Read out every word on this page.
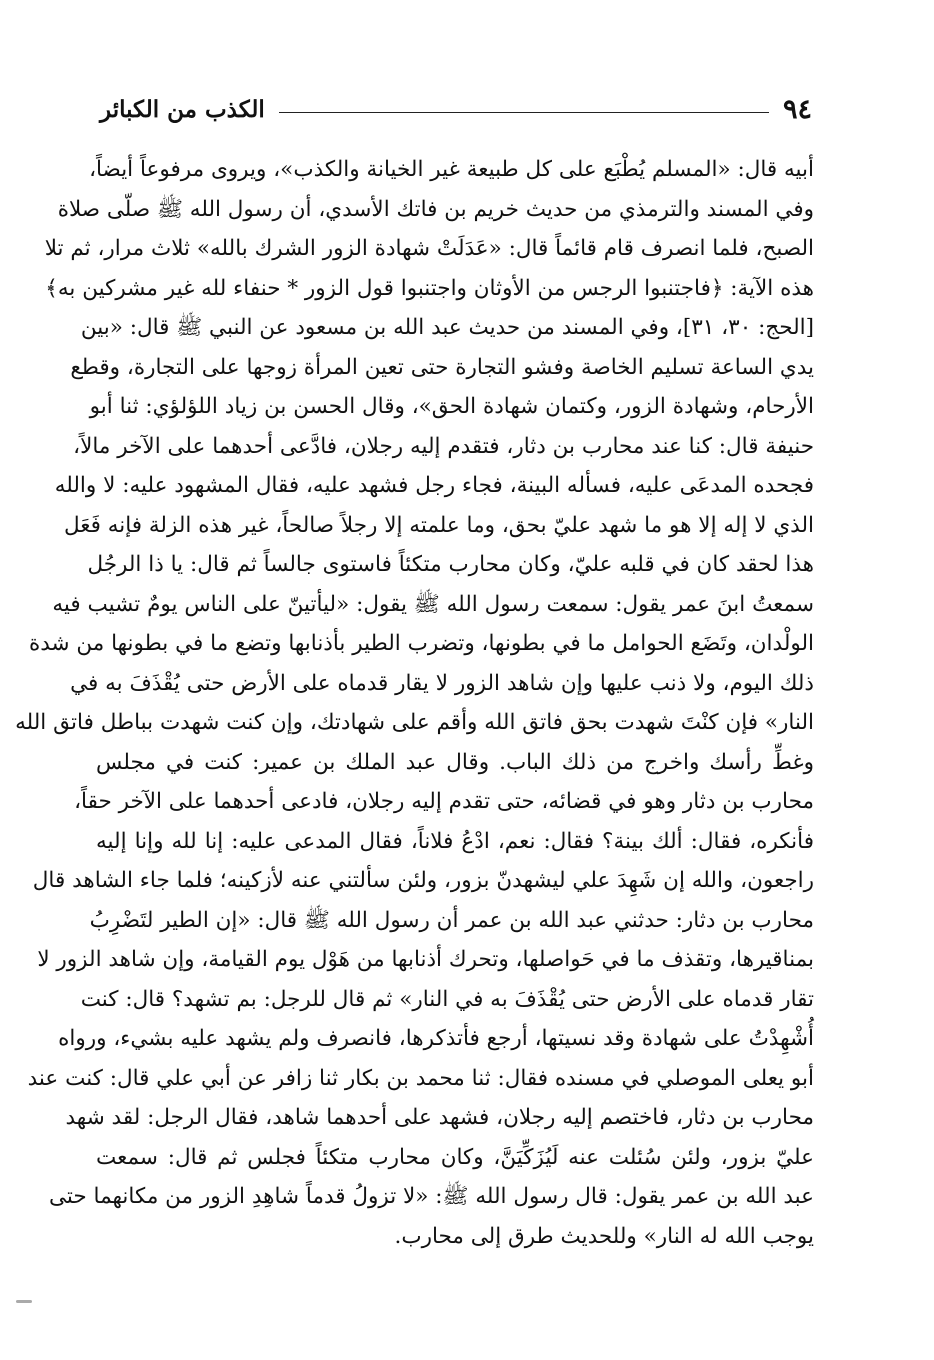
٩٤
الكذب من الكبائر
أبيه قال: «المسلم يُطْبَع على كل طبيعة غير الخيانة والكذب»، ويروى مرفوعاً أيضاً،
وفي المسند والترمذي من حديث خريم بن فاتك الأسدي، أن رسول الله ﷺ صلّى صلاة
الصبح، فلما انصرف قام قائماً قال: «عَدَلَتْ شهادة الزور الشرك بالله» ثلاث مرار، ثم تلا
هذه الآية: ﴿فاجتنبوا الرجس من الأوثان واجتنبوا قول الزور * حنفاء لله غير مشركين به﴾
[الحج: ٣٠، ٣١]، وفي المسند من حديث عبد الله بن مسعود عن النبي ﷺ قال: «بين
يدي الساعة تسليم الخاصة وفشو التجارة حتى تعين المرأة زوجها على التجارة، وقطع
الأرحام، وشهادة الزور، وكتمان شهادة الحق»، وقال الحسن بن زياد اللؤلؤي: ثنا أبو
حنيفة قال: كنا عند محارب بن دثار، فتقدم إليه رجلان، فادَّعى أحدهما على الآخر مالاً،
فجحده المدعَى عليه، فسأله البينة، فجاء رجل فشهد عليه، فقال المشهود عليه: لا والله
الذي لا إله إلا هو ما شهد عليّ بحق، وما علمته إلا رجلاً صالحاً، غير هذه الزلة فإنه فَعَل
هذا لحقد كان في قلبه عليّ، وكان محارب متكئاً فاستوى جالساً ثم قال: يا ذا الرجُل
سمعتُ ابنَ عمر يقول: سمعت رسول الله ﷺ يقول: «ليأتينّ على الناس يومٌ تشيب فيه
الولْدان، وتَضَع الحوامل ما في بطونها، وتضرب الطير بأذنابها وتضع ما في بطونها من شدة
ذلك اليوم، ولا ذنب عليها وإن شاهد الزور لا يقار قدماه على الأرض حتى يُقْذَفَ به في
النار» فإن كنْتَ شهدت بحق فاتق الله وأقم على شهادتك، وإن كنت شهدت بباطل فاتق الله
وغطِّ رأسك واخرج من ذلك الباب. وقال عبد الملك بن عمير: كنت في مجلس
محارب بن دثار وهو في قضائه، حتى تقدم إليه رجلان، فادعى أحدهما على الآخر حقاً،
فأنكره، فقال: ألك بينة؟ فقال: نعم، ادْعُ فلاناً، فقال المدعى عليه: إنا لله وإنا إليه
راجعون، والله إن شَهِدَ علي ليشهدنّ بزور، ولئن سألتني عنه لأزكينه؛ فلما جاء الشاهد قال
محارب بن دثار: حدثني عبد الله بن عمر أن رسول الله ﷺ قال: «إن الطير لتَضْرِبُ
بمناقيرها، وتقذف ما في حَواصلها، وتحرك أذنابها من هَوْل يوم القيامة، وإن شاهد الزور لا
تقار قدماه على الأرض حتى يُقْذَفَ به في النار» ثم قال للرجل: بم تشهد؟ قال: كنت
أُشْهِدْتُ على شهادة وقد نسيتها، أرجع فأتذكرها، فانصرف ولم يشهد عليه بشيء، ورواه
أبو يعلى الموصلي في مسنده فقال: ثنا محمد بن بكار ثنا زافر عن أبي علي قال: كنت عند
محارب بن دثار، فاختصم إليه رجلان، فشهد على أحدهما شاهد، فقال الرجل: لقد شهد
عليّ بزور، ولئن سُئلت عنه لَيُزَكِّيَنَّ، وكان محارب متكئاً فجلس ثم قال: سمعت
عبد الله بن عمر يقول: قال رسول الله ﷺ: «لا تزولُ قدماً شاهِدِ الزور من مكانهما حتى
يوجب الله له النار» وللحديث طرق إلى محارب.
